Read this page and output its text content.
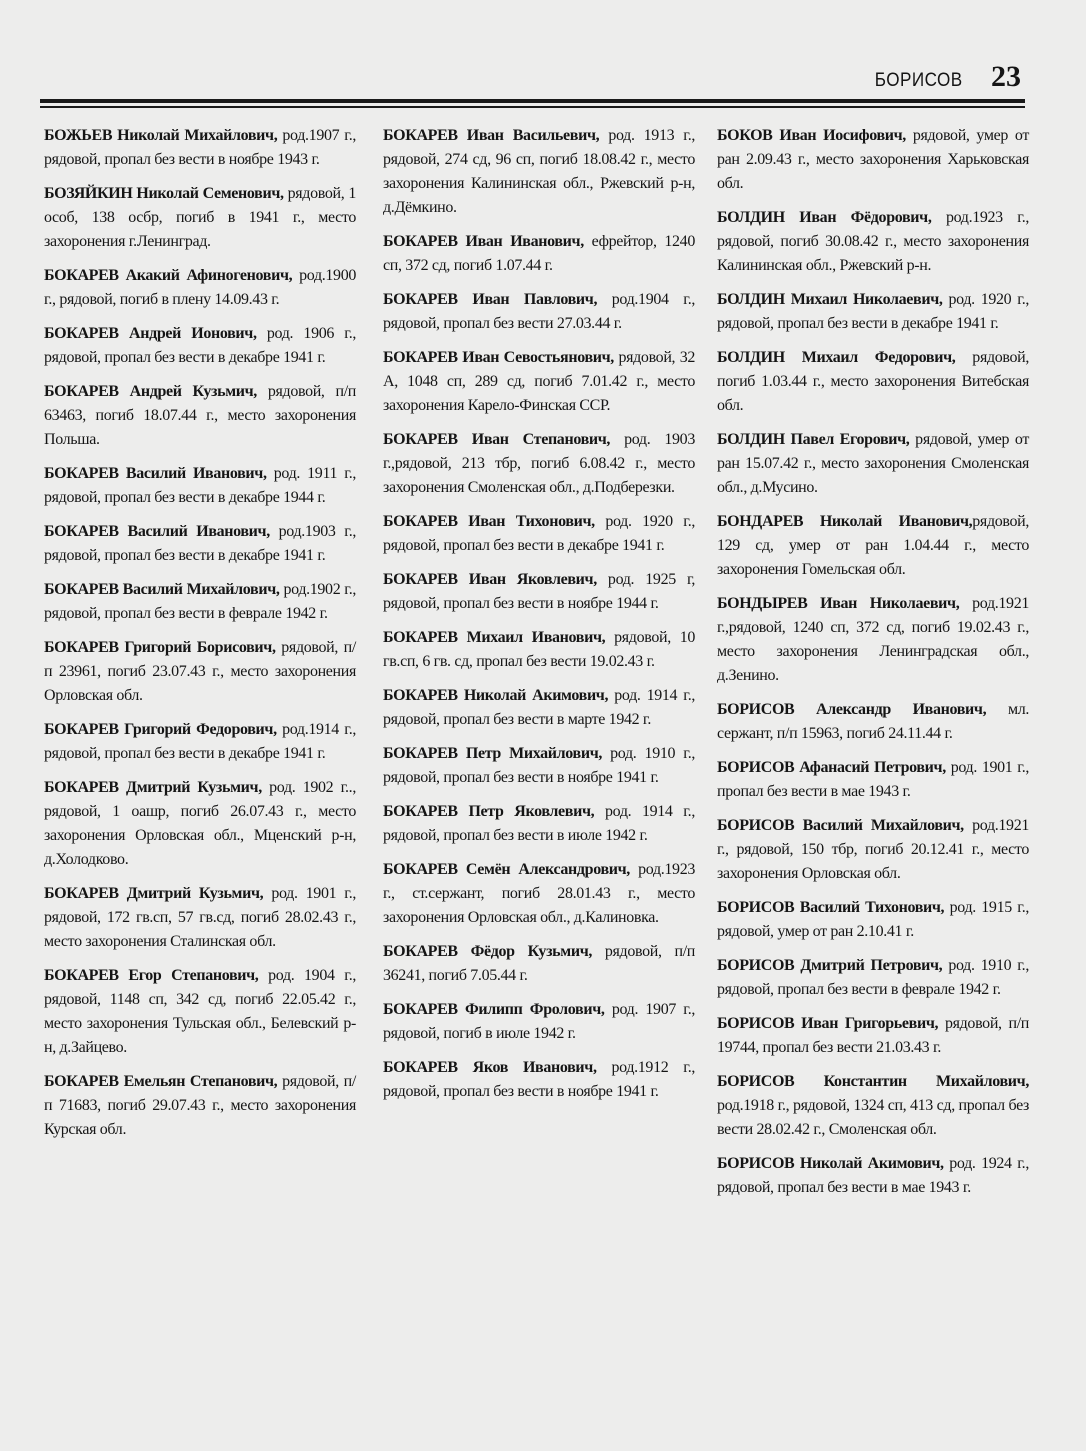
БОРИСОВ 23

БОЖЬЕВ Николай Михайлович, род.1907 г., рядовой, пропал без вести в ноябре 1943 г.

БОЗЯЙКИН Николай Семенович, рядовой, 1 особ, 138 осбр, погиб в 1941 г., место захоронения г.Ленинград.

БОКАРЕВ Акакий Афиногенович, род.1900 г., рядовой, погиб в плену 14.09.43 г.

БОКАРЕВ Андрей Ионович, род. 1906 г., рядовой, пропал без вести в декабре 1941 г.

БОКАРЕВ Андрей Кузьмич, рядовой, п/п 63463, погиб 18.07.44 г., место захоронения Польша.

БОКАРЕВ Василий Иванович, род. 1911 г., рядовой, пропал без вести в декабре 1944 г.

БОКАРЕВ Василий Иванович, род.1903 г., рядовой, пропал без вести в декабре 1941 г.

БОКАРЕВ Василий Михайлович, род.1902 г., рядовой, пропал без вести в феврале 1942 г.

БОКАРЕВ Григорий Борисович, рядовой, п/п 23961, погиб 23.07.43 г., место захоронения Орловская обл.

БОКАРЕВ Григорий Федорович, род.1914 г., рядовой, пропал без вести в декабре 1941 г.

БОКАРЕВ Дмитрий Кузьмич, род. 1902 г.., рядовой, 1 оашр, погиб 26.07.43 г., место захоронения Орловская обл., Мценский р-н, д.Холодково.

БОКАРЕВ Дмитрий Кузьмич, род. 1901 г., рядовой, 172 гв.сп, 57 гв.сд, погиб 28.02.43 г., место захоронения Сталинская обл.

БОКАРЕВ Егор Степанович, род. 1904 г., рядовой, 1148 сп, 342 сд, погиб 22.05.42 г., место захоронения Тульская обл., Белевский р-н, д.Зайцево.

БОКАРЕВ Емельян Степанович, рядовой, п/п 71683, погиб 29.07.43 г., место захоронения Курская обл.

БОКАРЕВ Иван Васильевич, род. 1913 г., рядовой, 274 сд, 96 сп, погиб 18.08.42 г., место захоронения Калининская обл., Ржевский р-н, д.Дёмкино.

БОКАРЕВ Иван Иванович, ефрейтор, 1240 сп, 372 сд, погиб 1.07.44 г.

БОКАРЕВ Иван Павлович, род.1904 г., рядовой, пропал без вести 27.03.44 г.

БОКАРЕВ Иван Севостьянович, рядовой, 32 А, 1048 сп, 289 сд, погиб 7.01.42 г., место захоронения Карело-Финская ССР.

БОКАРЕВ Иван Степанович, род. 1903 г.,рядовой, 213 тбр, погиб 6.08.42 г., место захоронения Смоленская обл., д.Подберезки.

БОКАРЕВ Иван Тихонович, род. 1920 г., рядовой, пропал без вести в декабре 1941 г.

БОКАРЕВ Иван Яковлевич, род. 1925 г, рядовой, пропал без вести в ноябре 1944 г.

БОКАРЕВ Михаил Иванович, рядовой, 10 гв.сп, 6 гв. сд, пропал без вести 19.02.43 г.

БОКАРЕВ Николай Акимович, род. 1914 г., рядовой, пропал без вести в марте 1942 г.

БОКАРЕВ Петр Михайлович, род. 1910 г., рядовой, пропал без вести в ноябре 1941 г.

БОКАРЕВ Петр Яковлевич, род. 1914 г., рядовой, пропал без вести в июле 1942 г.

БОКАРЕВ Семён Александрович, род.1923 г., ст.сержант, погиб 28.01.43 г., место захоронения Орловская обл., д.Калиновка.

БОКАРЕВ Фёдор Кузьмич, рядовой, п/п 36241, погиб 7.05.44 г.

БОКАРЕВ Филипп Фролович, род. 1907 г., рядовой, погиб в июле 1942 г.

БОКАРЕВ Яков Иванович, род.1912 г., рядовой, пропал без вести в ноябре 1941 г.

БОКОВ Иван Иосифович, рядовой, умер от ран 2.09.43 г., место захоронения Харьковская обл.

БОЛДИН Иван Фёдорович, род.1923 г., рядовой, погиб 30.08.42 г., место захоронения Калининская обл., Ржевский р-н.

БОЛДИН Михаил Николаевич, род. 1920 г., рядовой, пропал без вести в декабре 1941 г.

БОЛДИН Михаил Федорович, рядовой, погиб 1.03.44 г., место захоронения Витебская обл.

БОЛДИН Павел Егорович, рядовой, умер от ран 15.07.42 г., место захоронения Смоленская обл., д.Мусино.

БОНДАРЕВ Николай Иванович,рядовой, 129 сд, умер от ран 1.04.44 г., место захоронения Гомельская обл.

БОНДЫРЕВ Иван Николаевич, род.1921 г.,рядовой, 1240 сп, 372 сд, погиб 19.02.43 г., место захоронения Ленинградская обл., д.Зенино.

БОРИСОВ Александр Иванович, мл. сержант, п/п 15963, погиб 24.11.44 г.

БОРИСОВ Афанасий Петрович, род. 1901 г., пропал без вести в мае 1943 г.

БОРИСОВ Василий Михайлович, род.1921 г., рядовой, 150 тбр, погиб 20.12.41 г., место захоронения Орловская обл.

БОРИСОВ Василий Тихонович, род. 1915 г., рядовой, умер от ран 2.10.41 г.

БОРИСОВ Дмитрий Петрович, род. 1910 г., рядовой, пропал без вести в феврале 1942 г.

БОРИСОВ Иван Григорьевич, рядовой, п/п 19744, пропал без вести 21.03.43 г.

БОРИСОВ Константин Михайлович, род.1918 г., рядовой, 1324 сп, 413 сд, пропал без вести 28.02.42 г., Смоленская обл.

БОРИСОВ Николай Акимович, род. 1924 г., рядовой, пропал без вести в мае 1943 г.
